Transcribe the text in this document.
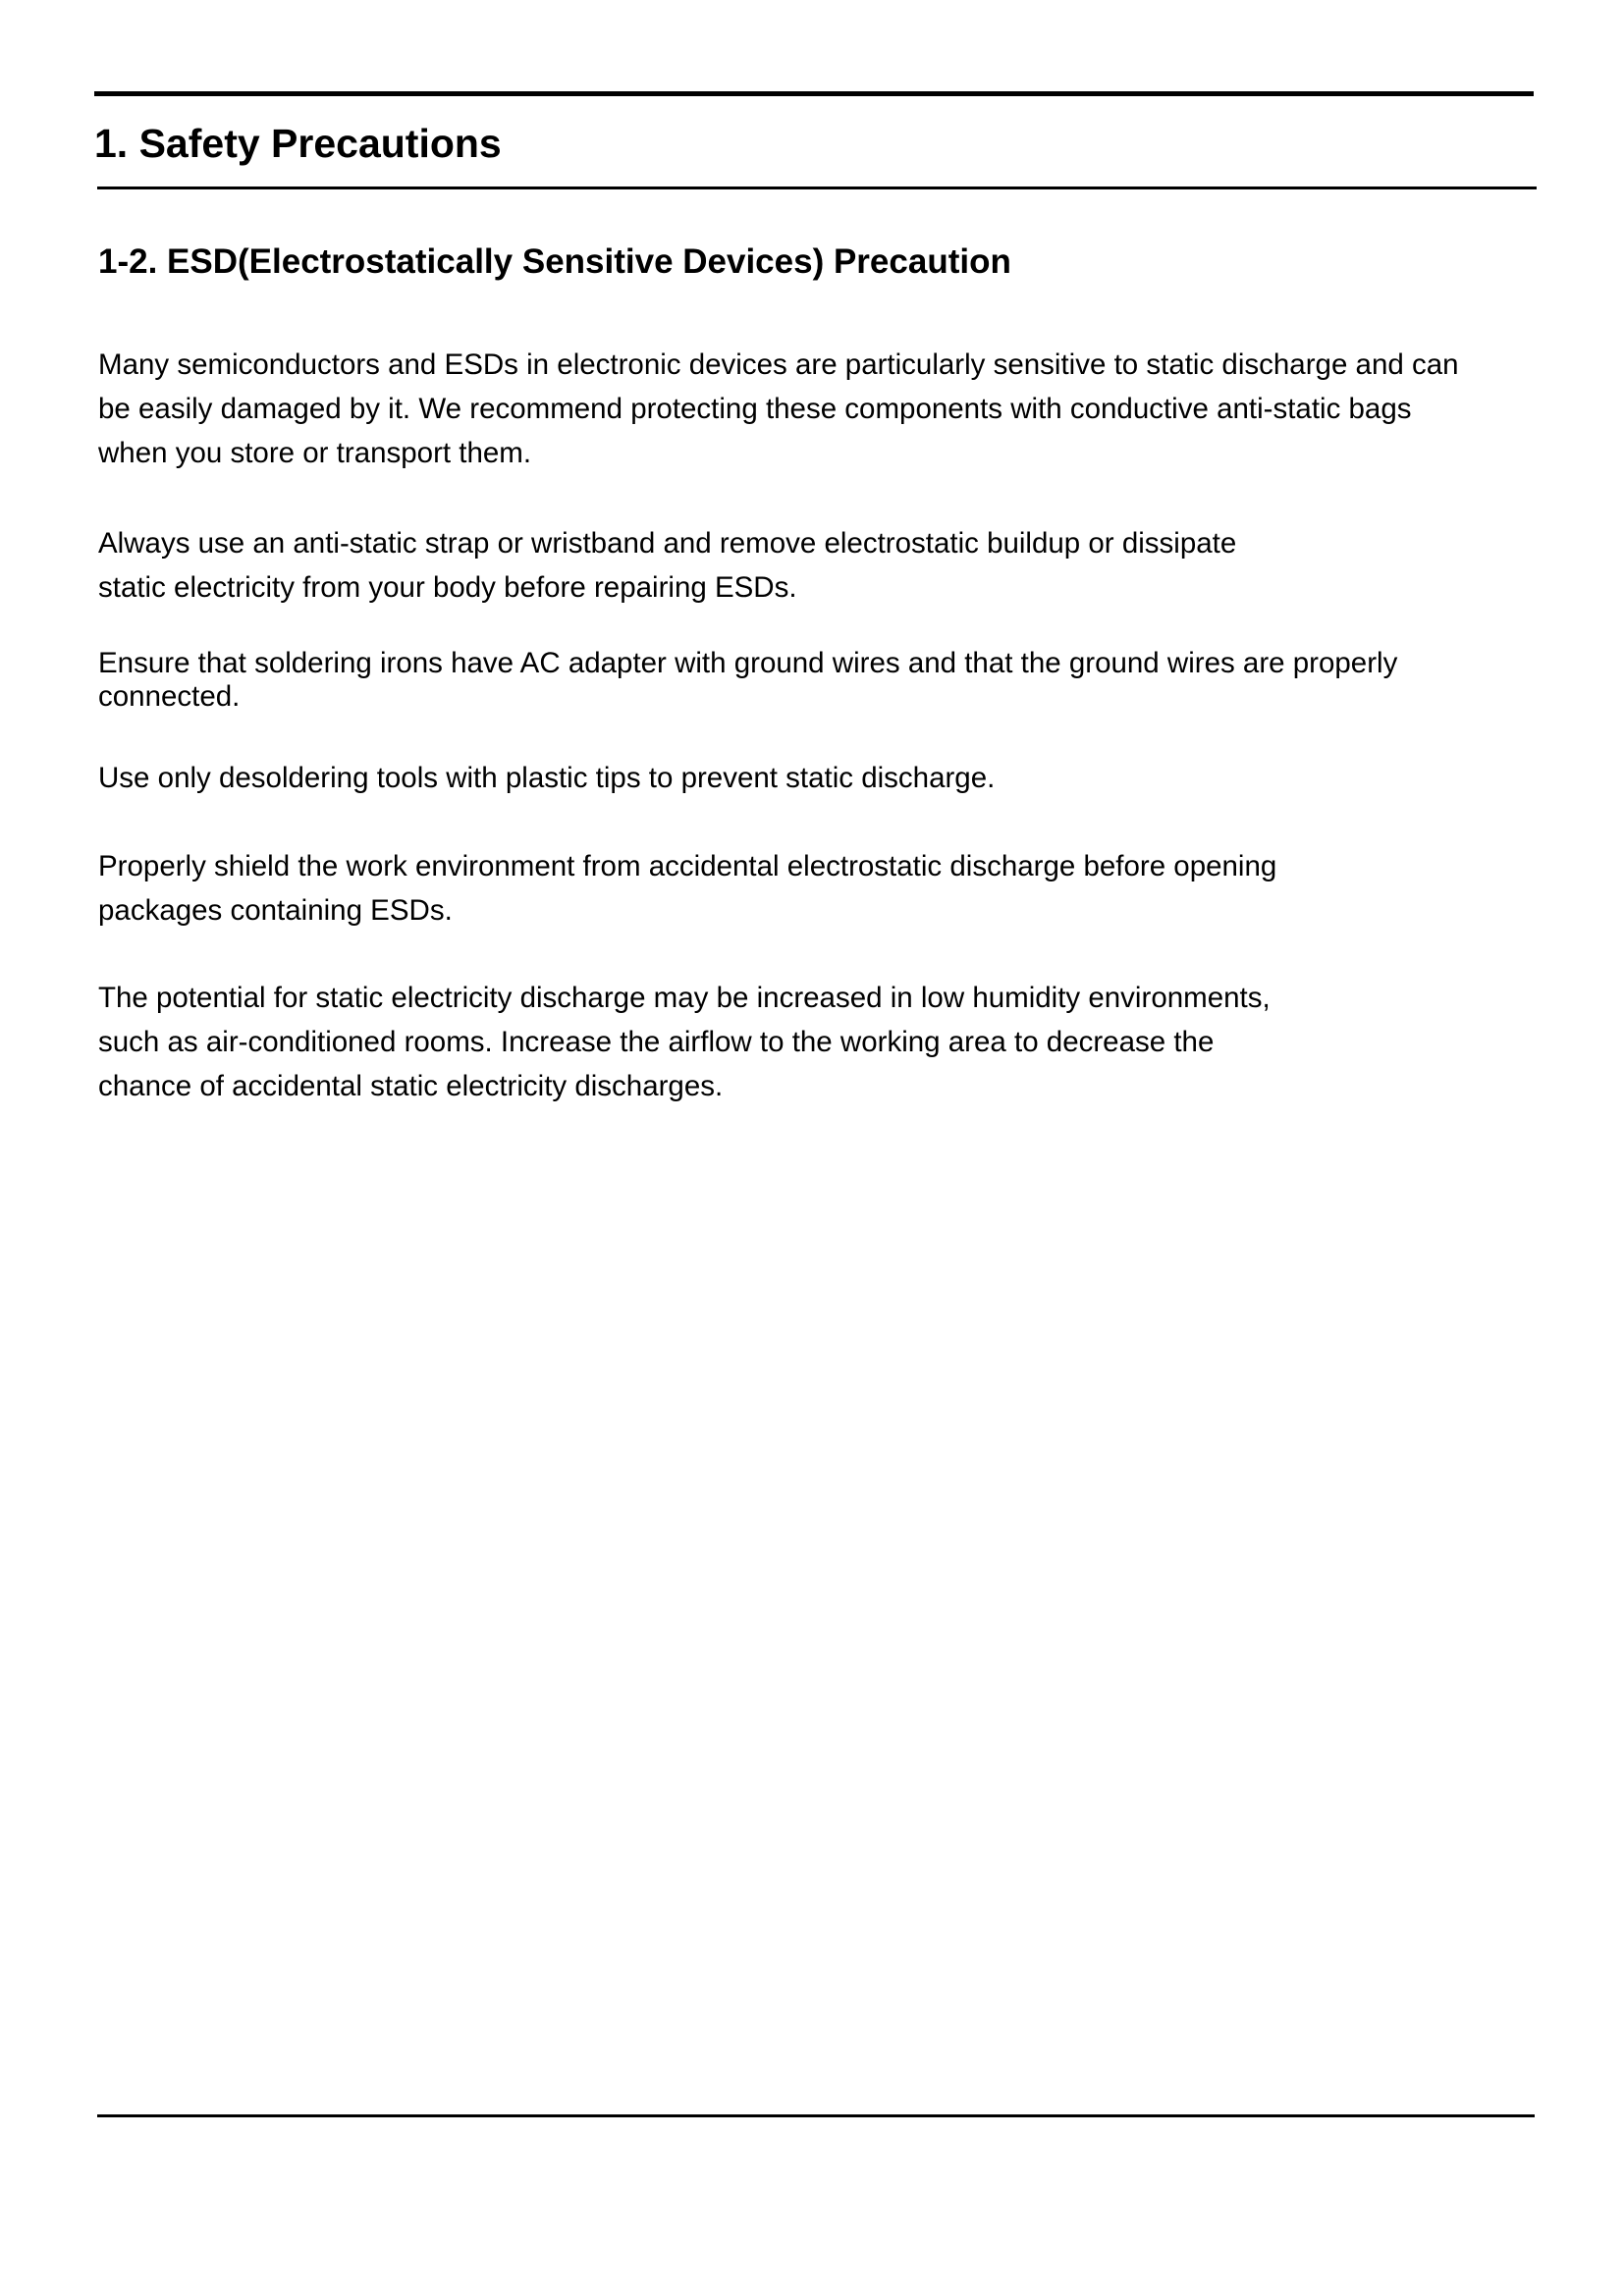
1. Safety Precautions
1-2. ESD(Electrostatically Sensitive Devices) Precaution
Many semiconductors and ESDs in electronic devices are particularly sensitive to static discharge and can
be easily damaged by it. We recommend protecting these components with conductive anti-static bags
when you store or transport them.
Always use an anti-static strap or wristband and remove electrostatic buildup or dissipate
static electricity from your body before repairing ESDs.
Ensure that soldering irons have AC adapter with ground wires and that the ground wires are properly
connected.
Use only desoldering tools with plastic tips to prevent static discharge.
Properly shield the work environment from accidental electrostatic discharge before opening
packages containing ESDs.
The potential for static electricity discharge may be increased in low humidity environments,
such as air-conditioned rooms. Increase the airflow to the working area to decrease the
chance of accidental static electricity discharges.
